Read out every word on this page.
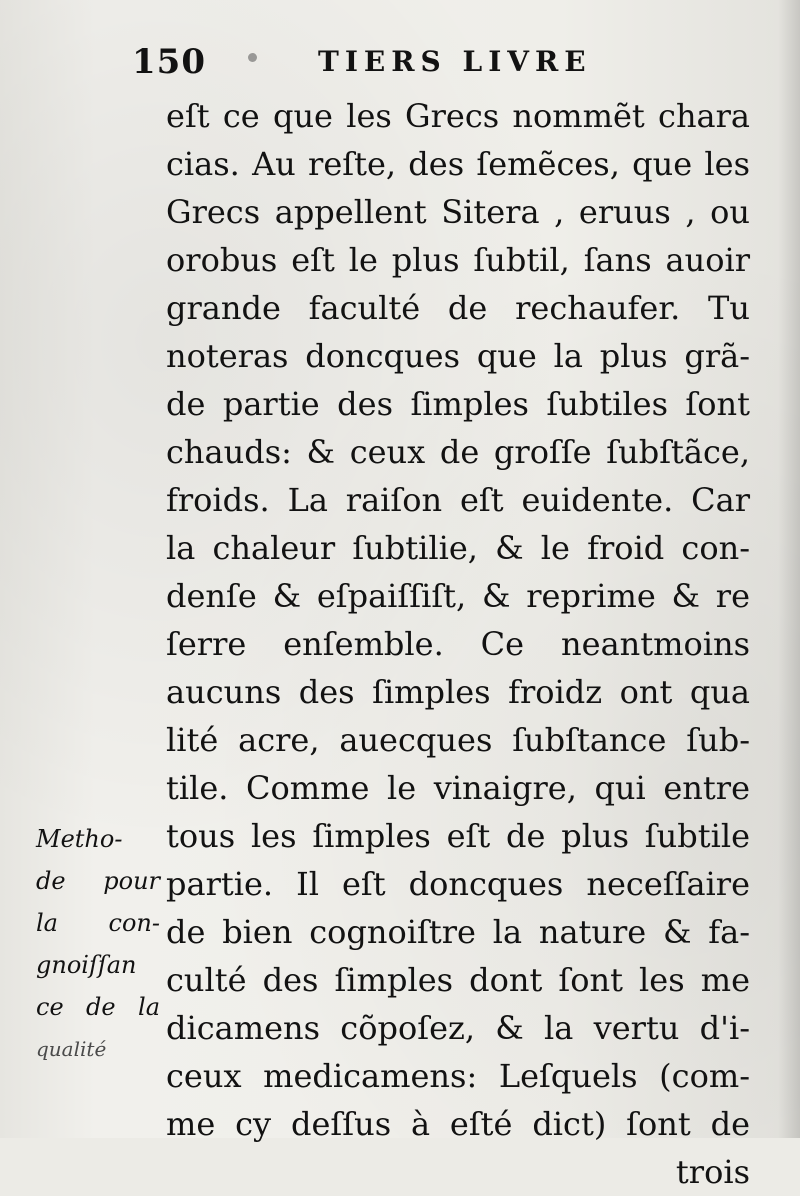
150	TIERS LIVRE
eſt ce que les Grecs nommẽt chara
cias. Au reſte, des ſemẽces, que les
Grecs appellent Sitera , eruus , ou
orobus eſt le plus ſubtil, ſans auoir
grande faculté de rechaufer. Tu
noteras doncques que la plus grã-
de partie des ſimples ſubtiles ſont
chauds: & ceux de groſſe ſubſtãce,
froids. La raiſon eſt euidente. Car
la chaleur ſubtilie, & le froid con-
denſe & eſpaiſſiſt, & reprime & re
ſerre enſemble. Ce neantmoins
aucuns des ſimples froidz ont qua
lité acre, auecques ſubſtance ſub-
tile. Comme le vinaigre, qui entre
tous les ſimples eſt de plus ſubtile
partie. Il eſt doncques neceſſaire
de bien cognoiſtre la nature & fa-
culté des ſimples dont ſont les me
dicamens cõpoſez, & la vertu d'i-
ceux medicamens: Leſquels (com-
me cy deſſus à eſté dict) ſont de
trois
Metho-
de pour
la con-
gnoiſſan
ce de la
qualité
